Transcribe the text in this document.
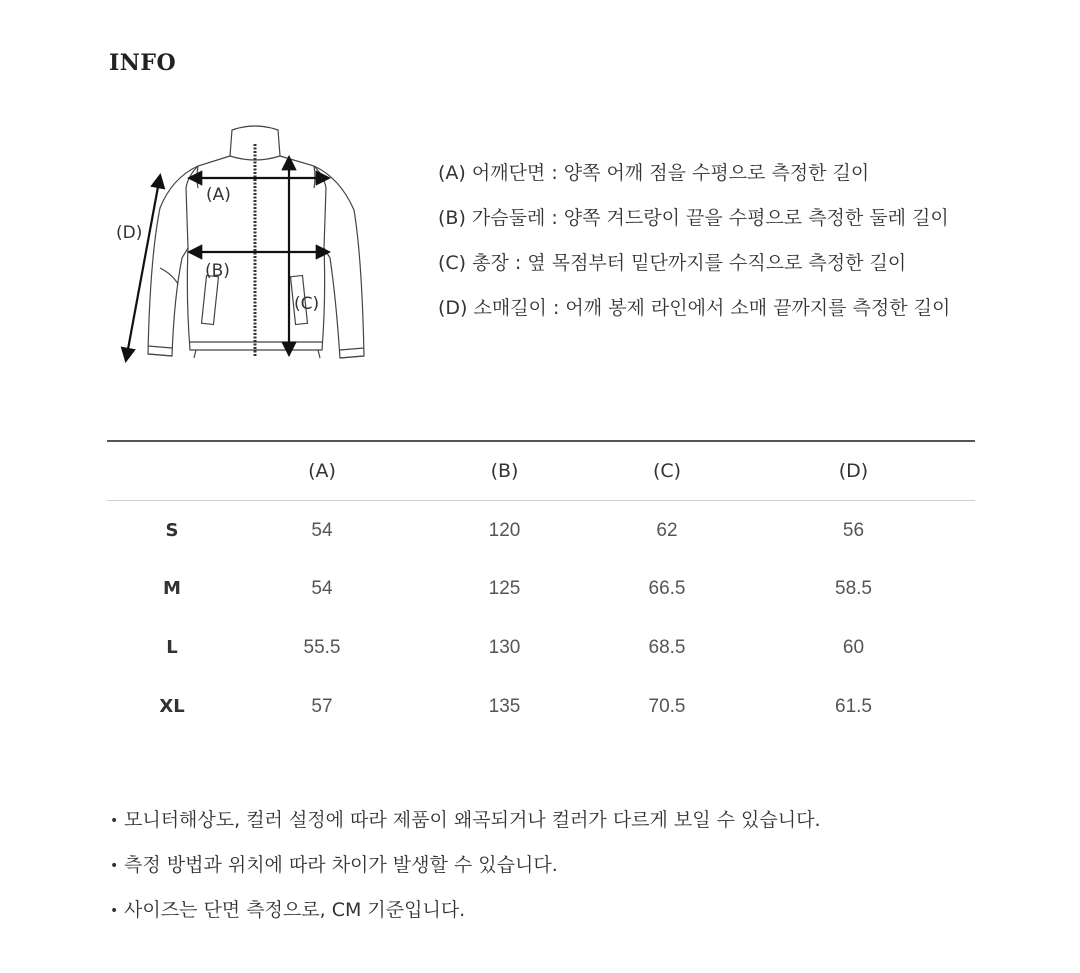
INFO
(A)
(B)
(C)
(D)
(A) 어깨단면 : 양쪽 어깨 점을 수평으로 측정한 길이
(B) 가슴둘레 : 양쪽 겨드랑이 끝을 수평으로 측정한 둘레 길이
(C) 총장 : 옆 목점부터 밑단까지를 수직으로 측정한 길이
(D) 소매길이 : 어깨 봉제 라인에서 소매 끝까지를 측정한 길이
	(A)	(B)	(C)	(D)
S	54	120	62	56
M	54	125	66.5	58.5
L	55.5	130	68.5	60
XL	57	135	70.5	61.5
• 모니터해상도, 컬러 설정에 따라 제품이 왜곡되거나 컬러가 다르게 보일 수 있습니다.
• 측정 방법과 위치에 따라 차이가 발생할 수 있습니다.
• 사이즈는 단면 측정으로, CM 기준입니다.
